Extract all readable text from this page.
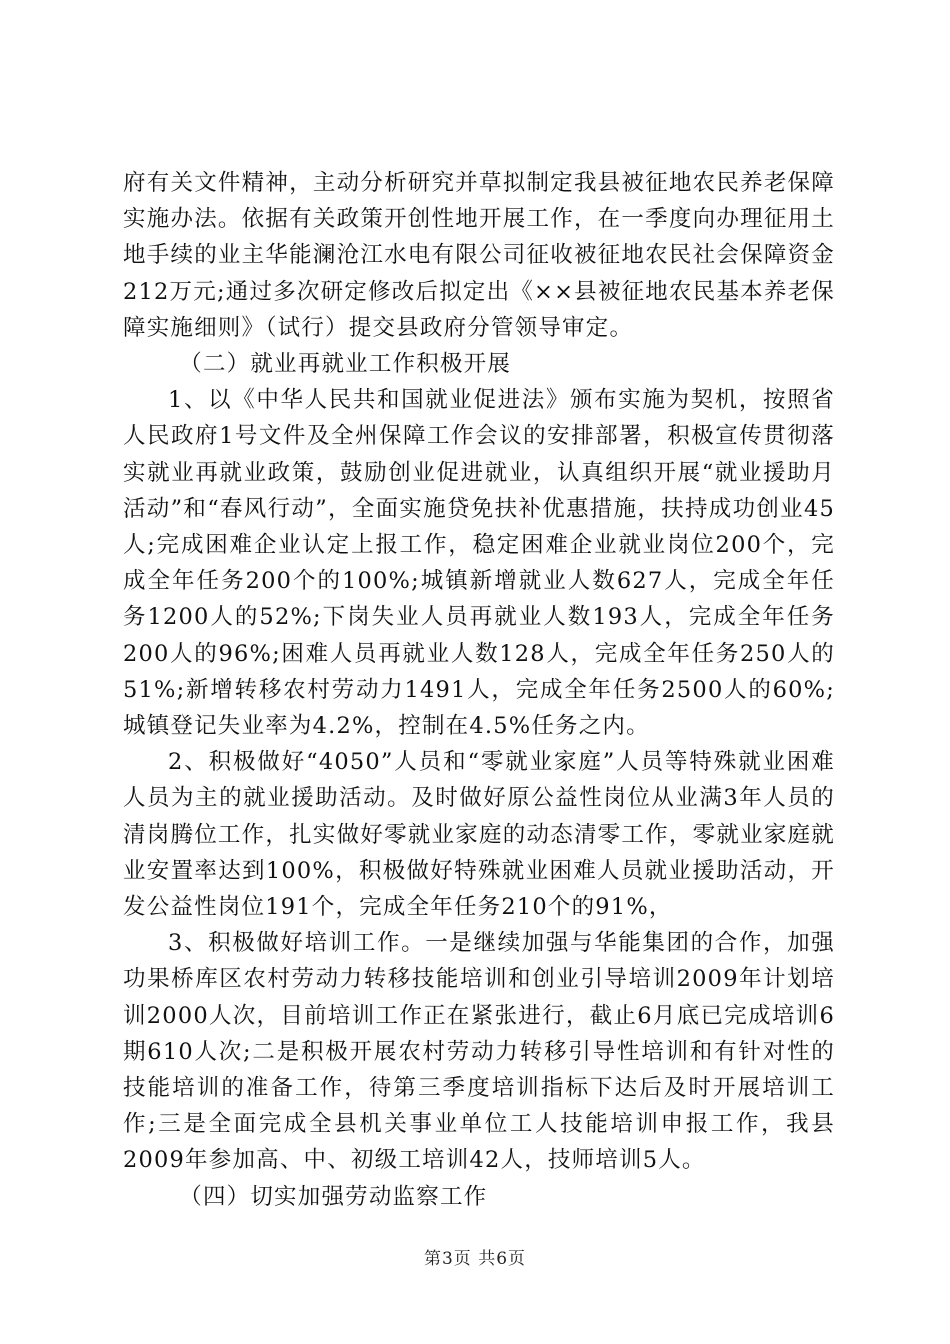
府有关文件精神，主动分析研究并草拟制定我县被征地农民养老保障实施办法。依据有关政策开创性地开展工作，在一季度向办理征用土地手续的业主华能澜沧江水电有限公司征收被征地农民社会保障资金212万元;通过多次研定修改后拟定出《××县被征地农民基本养老保障实施细则》（试行）提交县政府分管领导审定。

（二）就业再就业工作积极开展

1、以《中华人民共和国就业促进法》颁布实施为契机，按照省人民政府1号文件及全州保障工作会议的安排部署，积极宣传贯彻落实就业再就业政策，鼓励创业促进就业，认真组织开展“就业援助月活动”和“春风行动”，全面实施贷免扶补优惠措施，扶持成功创业45人;完成困难企业认定上报工作，稳定困难企业就业岗位200个，完成全年任务200个的100%;城镇新增就业人数627人，完成全年任务1200人的52%;下岗失业人员再就业人数193人，完成全年任务200人的96%;困难人员再就业人数128人，完成全年任务250人的51%;新增转移农村劳动力1491人，完成全年任务2500人的60%;城镇登记失业率为4.2%，控制在4.5%任务之内。

2、积极做好“4050”人员和“零就业家庭”人员等特殊就业困难人员为主的就业援助活动。及时做好原公益性岗位从业满3年人员的清岗腾位工作，扎实做好零就业家庭的动态清零工作，零就业家庭就业安置率达到100%，积极做好特殊就业困难人员就业援助活动，开发公益性岗位191个，完成全年任务210个的91%，

3、积极做好培训工作。一是继续加强与华能集团的合作，加强功果桥库区农村劳动力转移技能培训和创业引导培训2009年计划培训2000人次，目前培训工作正在紧张进行，截止6月底已完成培训6期610人次;二是积极开展农村劳动力转移引导性培训和有针对性的技能培训的准备工作，待第三季度培训指标下达后及时开展培训工作;三是全面完成全县机关事业单位工人技能培训申报工作，我县2009年参加高、中、初级工培训42人，技师培训5人。

（四）切实加强劳动监察工作

第3页 共6页
